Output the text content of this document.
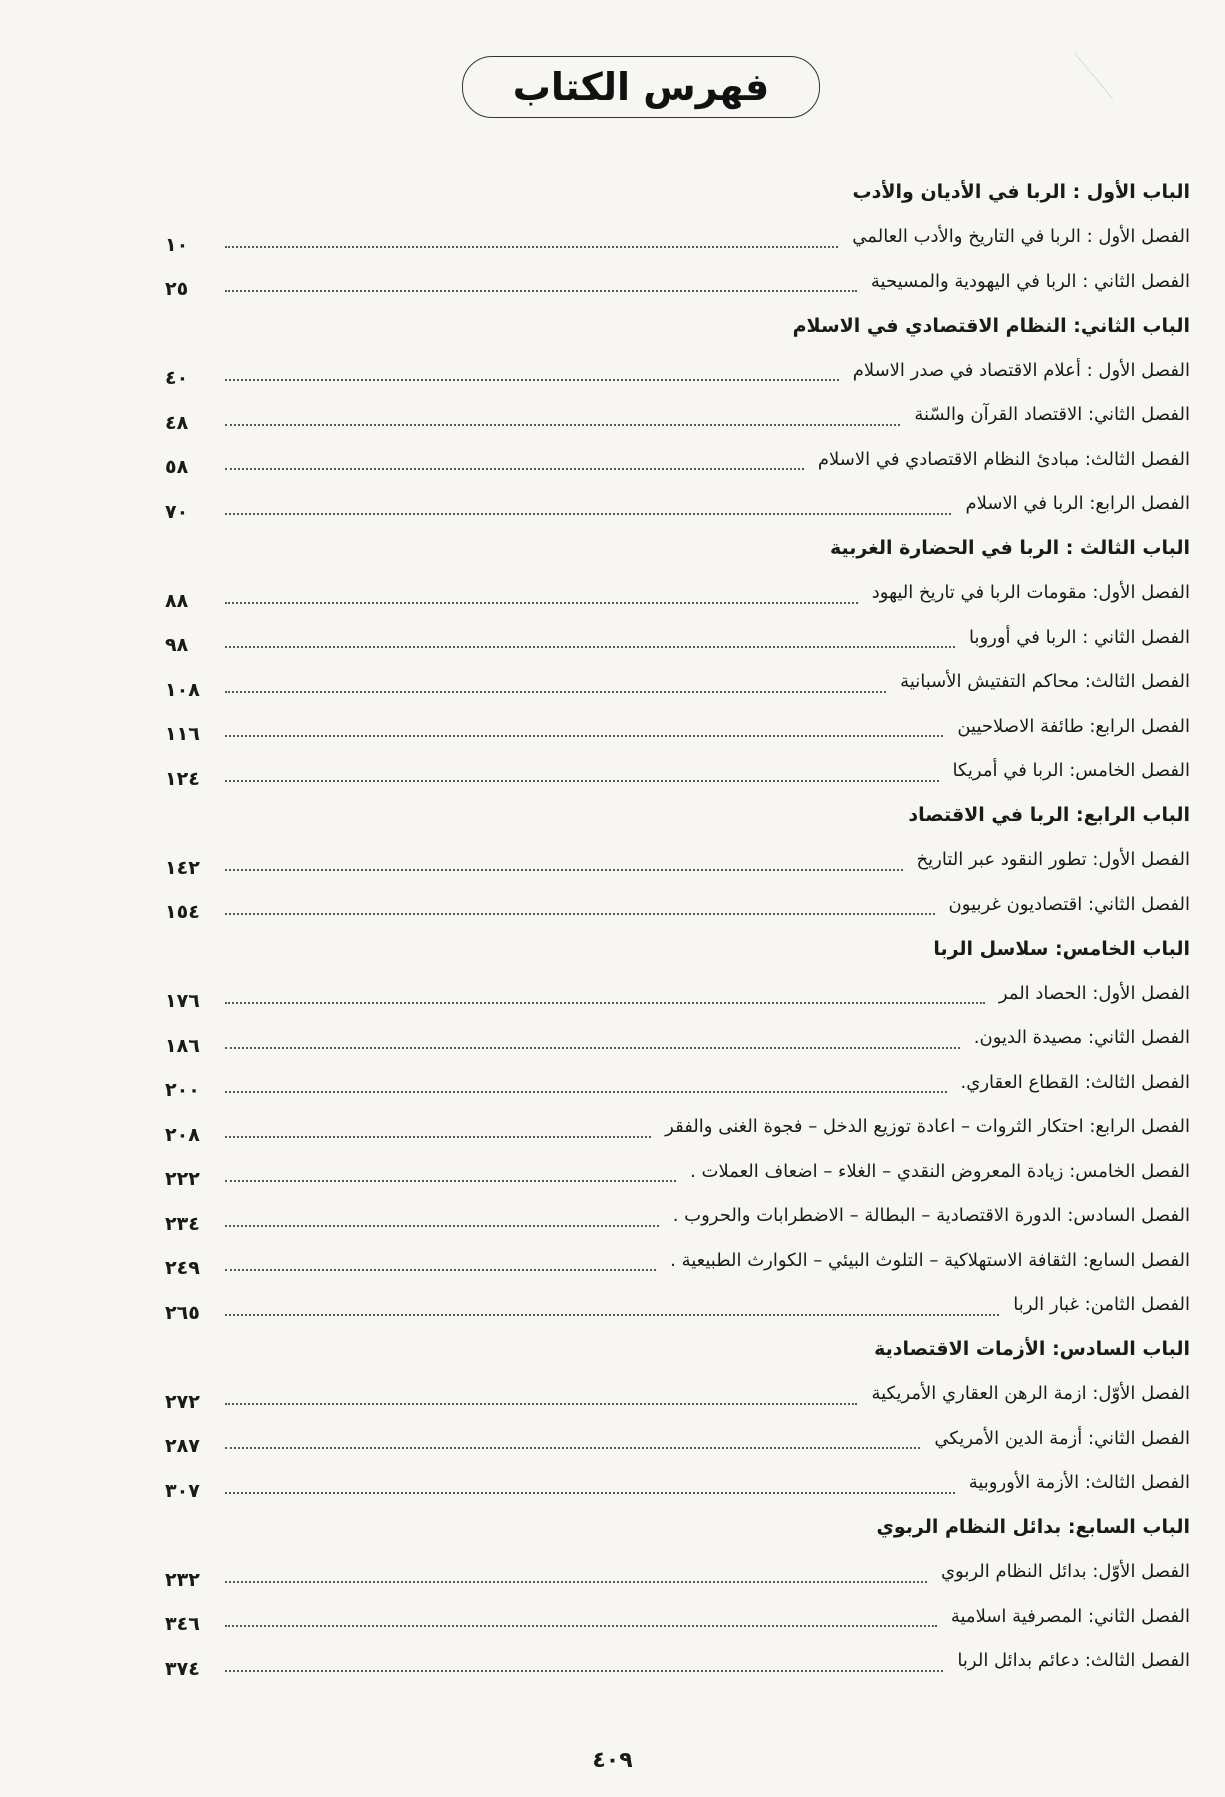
فهرس الكتاب
الباب الأول : الربا في الأديان والأدب
الفصل الأول : الربا في التاريخ والأدب العالمي
١٠
الفصل الثاني : الربا في اليهودية والمسيحية
٢٥
الباب الثاني: النظام الاقتصادي في الاسلام
الفصل الأول : أعلام الاقتصاد في صدر الاسلام
٤٠
الفصل الثاني: الاقتصاد القرآن والسّنة
٤٨
الفصل الثالث: مبادئ النظام الاقتصادي في الاسلام
٥٨
الفصل الرابع: الربا في الاسلام
٧٠
الباب الثالث : الربا في الحضارة الغربية
الفصل الأول: مقومات الربا في تاريخ اليهود
٨٨
الفصل الثاني : الربا في أوروبا
٩٨
الفصل الثالث: محاكم التفتيش الأسبانية
١٠٨
الفصل الرابع: طائفة الاصلاحيين
١١٦
الفصل الخامس: الربا في أمريكا
١٢٤
الباب الرابع: الربا في الاقتصاد
الفصل الأول: تطور النقود عبر التاريخ
١٤٢
الفصل الثاني: اقتصاديون غربيون
١٥٤
الباب الخامس: سلاسل الربا
الفصل الأول: الحصاد المر
١٧٦
الفصل الثاني: مصيدة الديون.
١٨٦
الفصل الثالث: القطاع العقاري.
٢٠٠
الفصل الرابع: احتكار الثروات – اعادة توزيع الدخل – فجوة الغنى والفقر
٢٠٨
الفصل الخامس: زيادة المعروض النقدي – الغلاء – اضعاف العملات .
٢٢٢
الفصل السادس: الدورة الاقتصادية – البطالة – الاضطرابات والحروب .
٢٣٤
الفصل السابع: الثقافة الاستهلاكية – التلوث البيئي – الكوارث الطبيعية .
٢٤٩
الفصل الثامن: غبار الربا
٢٦٥
الباب السادس: الأزمات الاقتصادية
الفصل الأوّل: ازمة الرهن العقاري الأمريكية
٢٧٢
الفصل الثاني: أزمة الدين الأمريكي
٢٨٧
الفصل الثالث: الأزمة الأوروبية
٣٠٧
الباب السابع: بدائل النظام الربوي
الفصل الأوّل: بدائل النظام الربوي
٢٣٢
الفصل الثاني: المصرفية اسلامية
٣٤٦
الفصل الثالث: دعائم بدائل الربا
٣٧٤
٤٠٩
